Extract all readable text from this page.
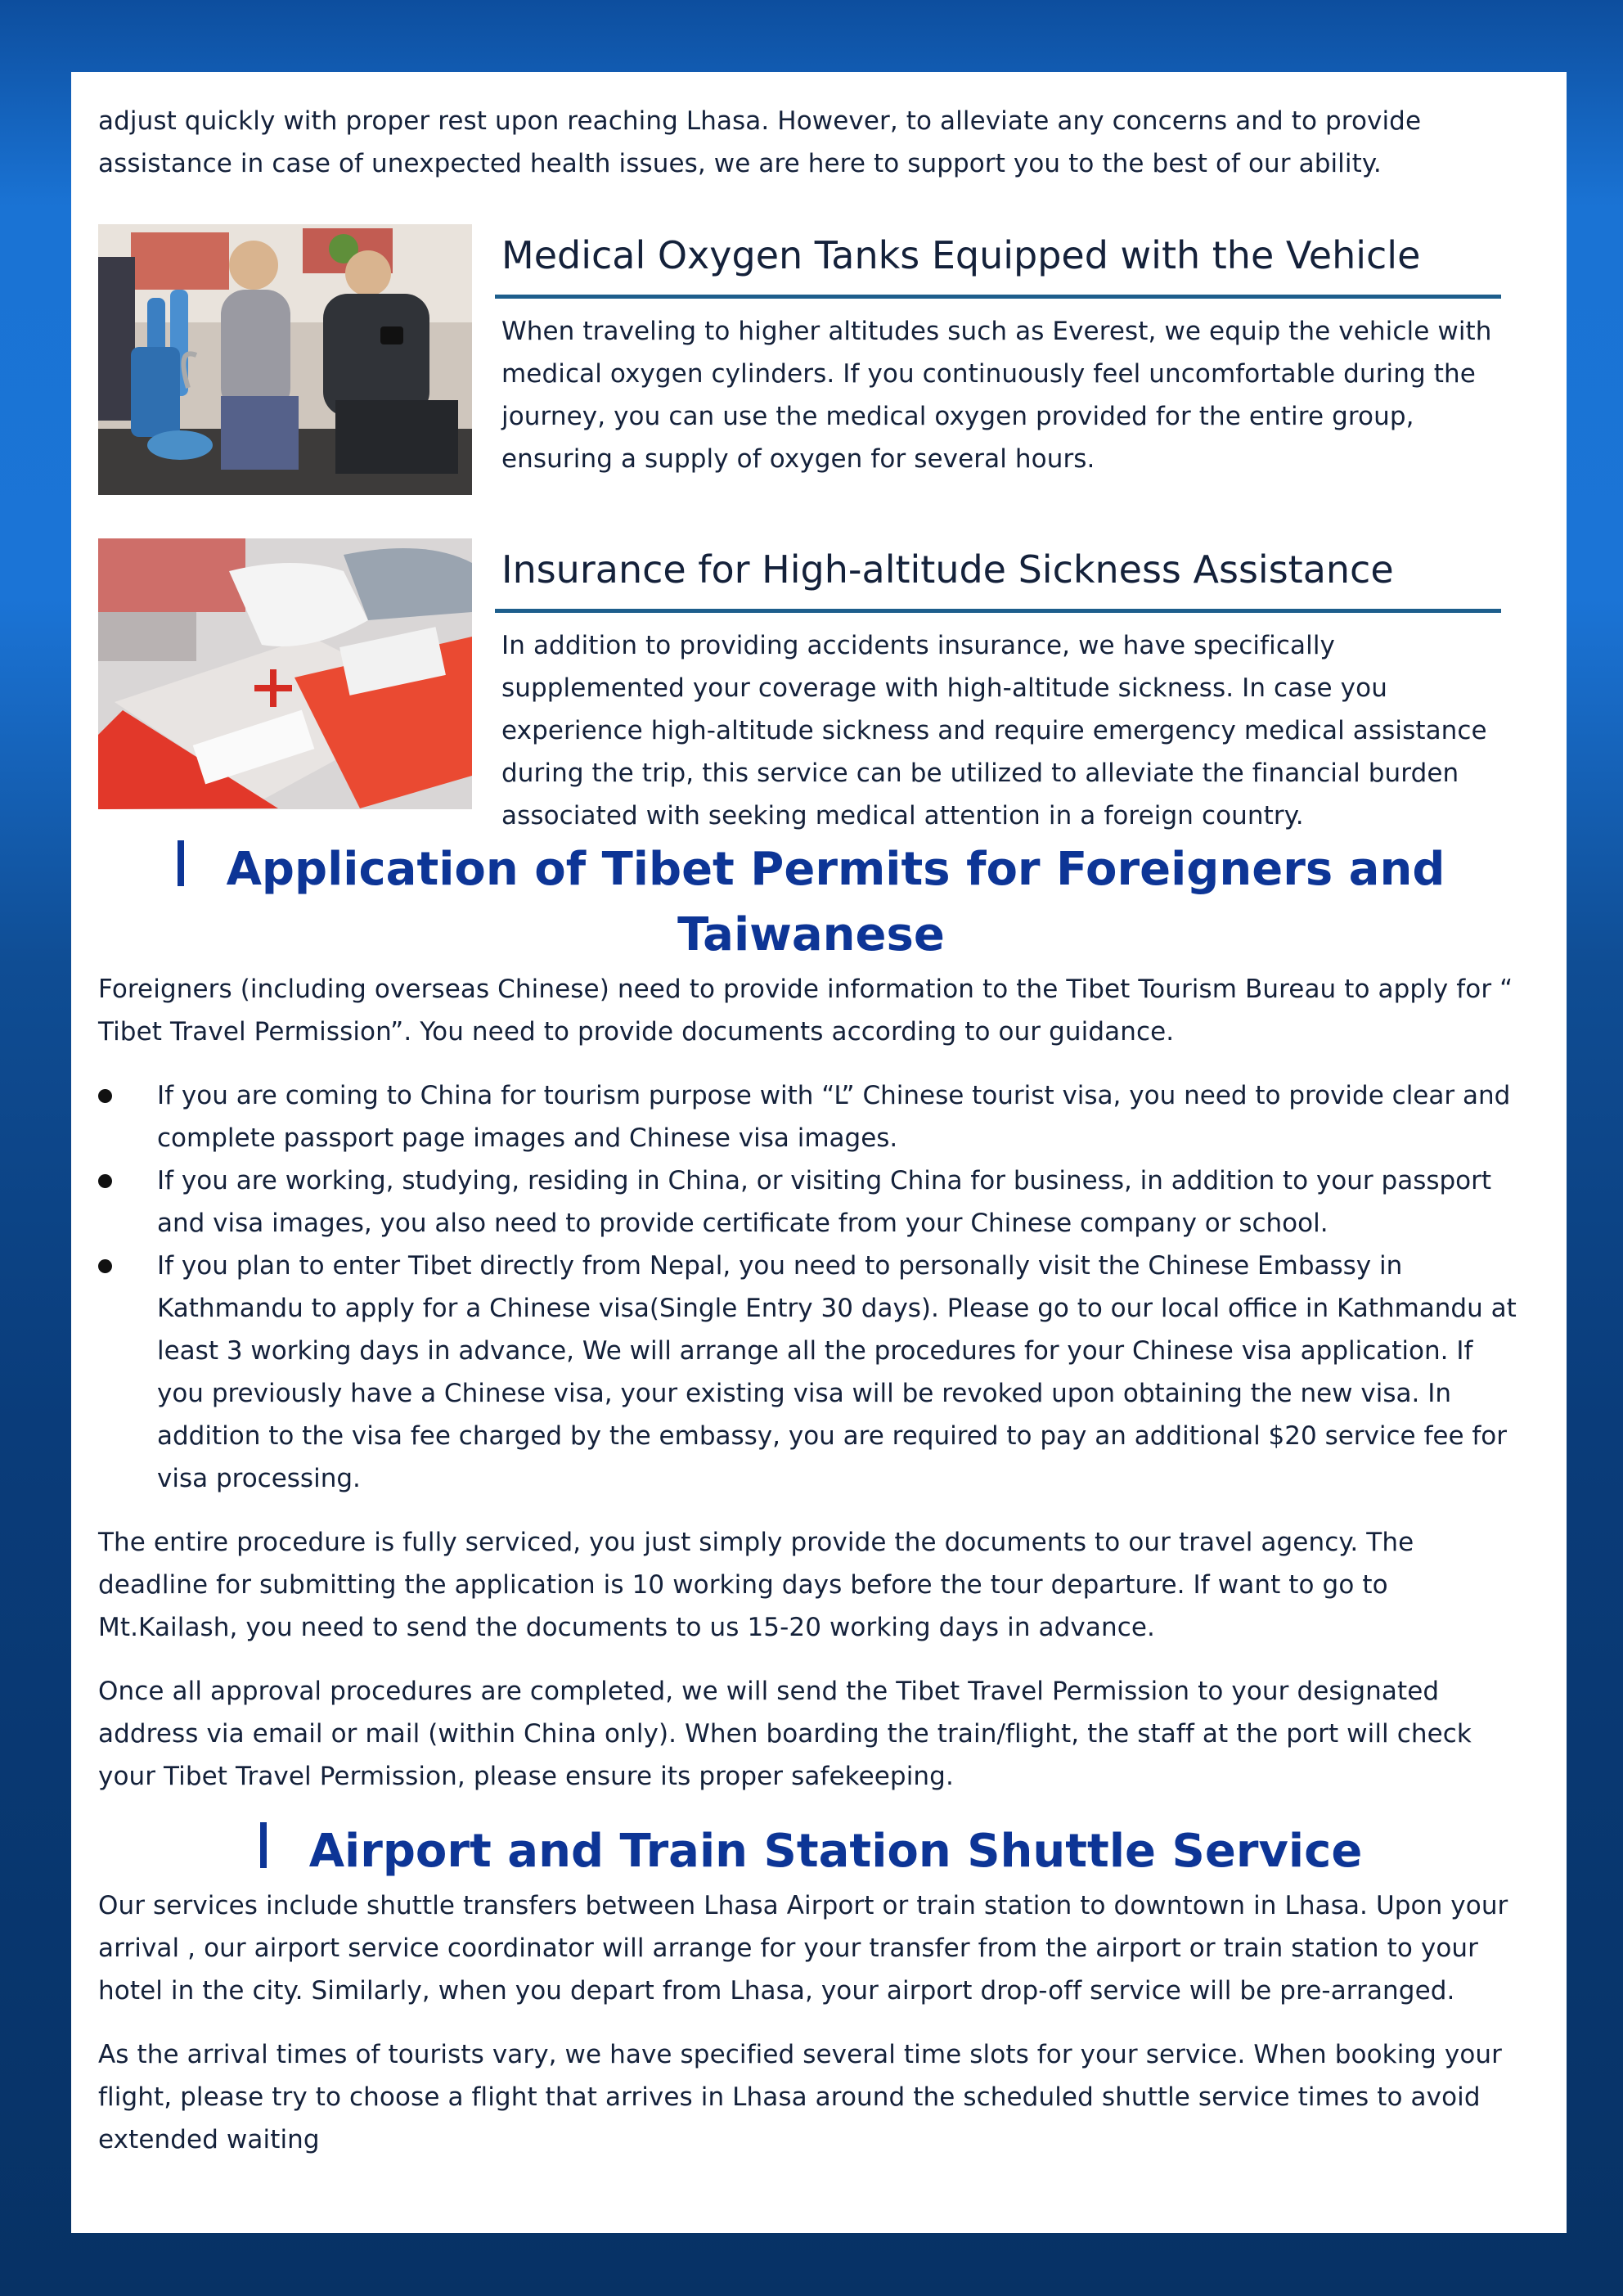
adjust quickly with proper rest upon reaching Lhasa. However, to alleviate any concerns and to provide assistance in case of unexpected health issues, we are here to support you to the best of our ability.

Medical Oxygen Tanks Equipped with the Vehicle

When traveling to higher altitudes such as Everest, we equip the vehicle with medical oxygen cylinders. If you continuously feel uncomfortable during the journey, you can use the medical oxygen provided for the entire group, ensuring a supply of oxygen for several hours.

Insurance for High-altitude Sickness Assistance

In addition to providing accidents insurance, we have specifically supplemented your coverage with high-altitude sickness. In case you experience high-altitude sickness and require emergency medical assistance during the trip, this service can be utilized to alleviate the financial burden associated with seeking medical attention in a foreign country.

Application of Tibet Permits for Foreigners and Taiwanese

Foreigners (including overseas Chinese) need to provide information to the Tibet Tourism Bureau to apply for “ Tibet Travel Permission”. You need to provide documents according to our guidance.

If you are coming to China for tourism purpose with “L” Chinese tourist visa, you need to provide clear and complete passport page images and Chinese visa images.
If you are working, studying, residing in China, or visiting China for business, in addition to your passport and visa images, you also need to provide certificate from your Chinese company or school.
If you plan to enter Tibet directly from Nepal, you need to personally visit the Chinese Embassy in Kathmandu to apply for a Chinese visa(Single Entry 30 days). Please go to our local office in Kathmandu at least 3 working days in advance, We will arrange all the procedures for your Chinese visa application. If you previously have a Chinese visa, your existing visa will be revoked upon obtaining the new visa. In addition to the visa fee charged by the embassy, you are required to pay an additional $20 service fee for visa processing.

The entire procedure is fully serviced, you just simply provide the documents to our travel agency. The deadline for submitting the application is 10 working days before the tour departure. If want to go to Mt.Kailash, you need to send the documents to us 15-20 working days in advance.

Once all approval procedures are completed, we will send the Tibet Travel Permission to your designated address via email or mail (within China only). When boarding the train/flight, the staff at the port will check your Tibet Travel Permission, please ensure its proper safekeeping.

Airport and Train Station Shuttle Service

Our services include shuttle transfers between Lhasa Airport or train station to downtown in Lhasa. Upon your arrival , our airport service coordinator will arrange for your transfer from the airport or train station to your hotel in the city. Similarly, when you depart from Lhasa, your airport drop-off service will be pre-arranged.

As the arrival times of tourists vary, we have specified several time slots for your service. When booking your flight, please try to choose a flight that arrives in Lhasa around the scheduled shuttle service times to avoid extended waiting
